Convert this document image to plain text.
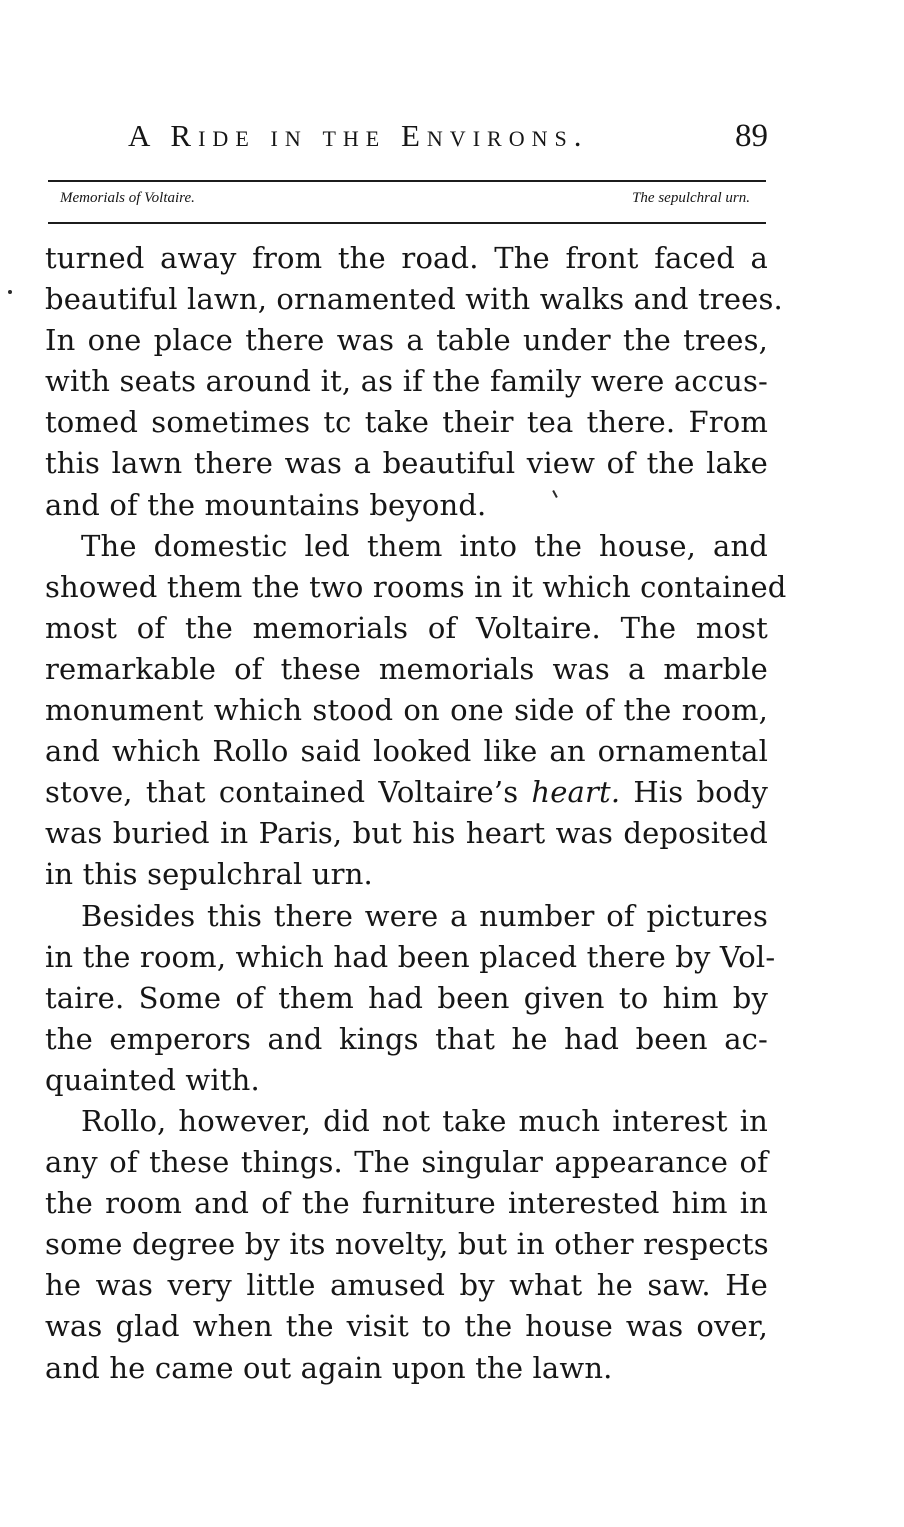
A Ride in the Environs.	89
Memorials of Voltaire.	The sepulchral urn.
turned away from the road. The front faced a
beautiful lawn, ornamented with walks and trees.
In one place there was a table under the trees,
with seats around it, as if the family were accus-
tomed sometimes tc take their tea there. From
this lawn there was a beautiful view of the lake
and of the mountains beyond.
The domestic led them into the house, and
showed them the two rooms in it which contained
most of the memorials of Voltaire. The most
remarkable of these memorials was a marble
monument which stood on one side of the room,
and which Rollo said looked like an ornamental
stove, that contained Voltaire’s heart. His body
was buried in Paris, but his heart was deposited
in this sepulchral urn.
Besides this there were a number of pictures
in the room, which had been placed there by Vol-
taire. Some of them had been given to him by
the emperors and kings that he had been ac-
quainted with.
Rollo, however, did not take much interest in
any of these things. The singular appearance of
the room and of the furniture interested him in
some degree by its novelty, but in other respects
he was very little amused by what he saw. He
was glad when the visit to the house was over,
and he came out again upon the lawn.
